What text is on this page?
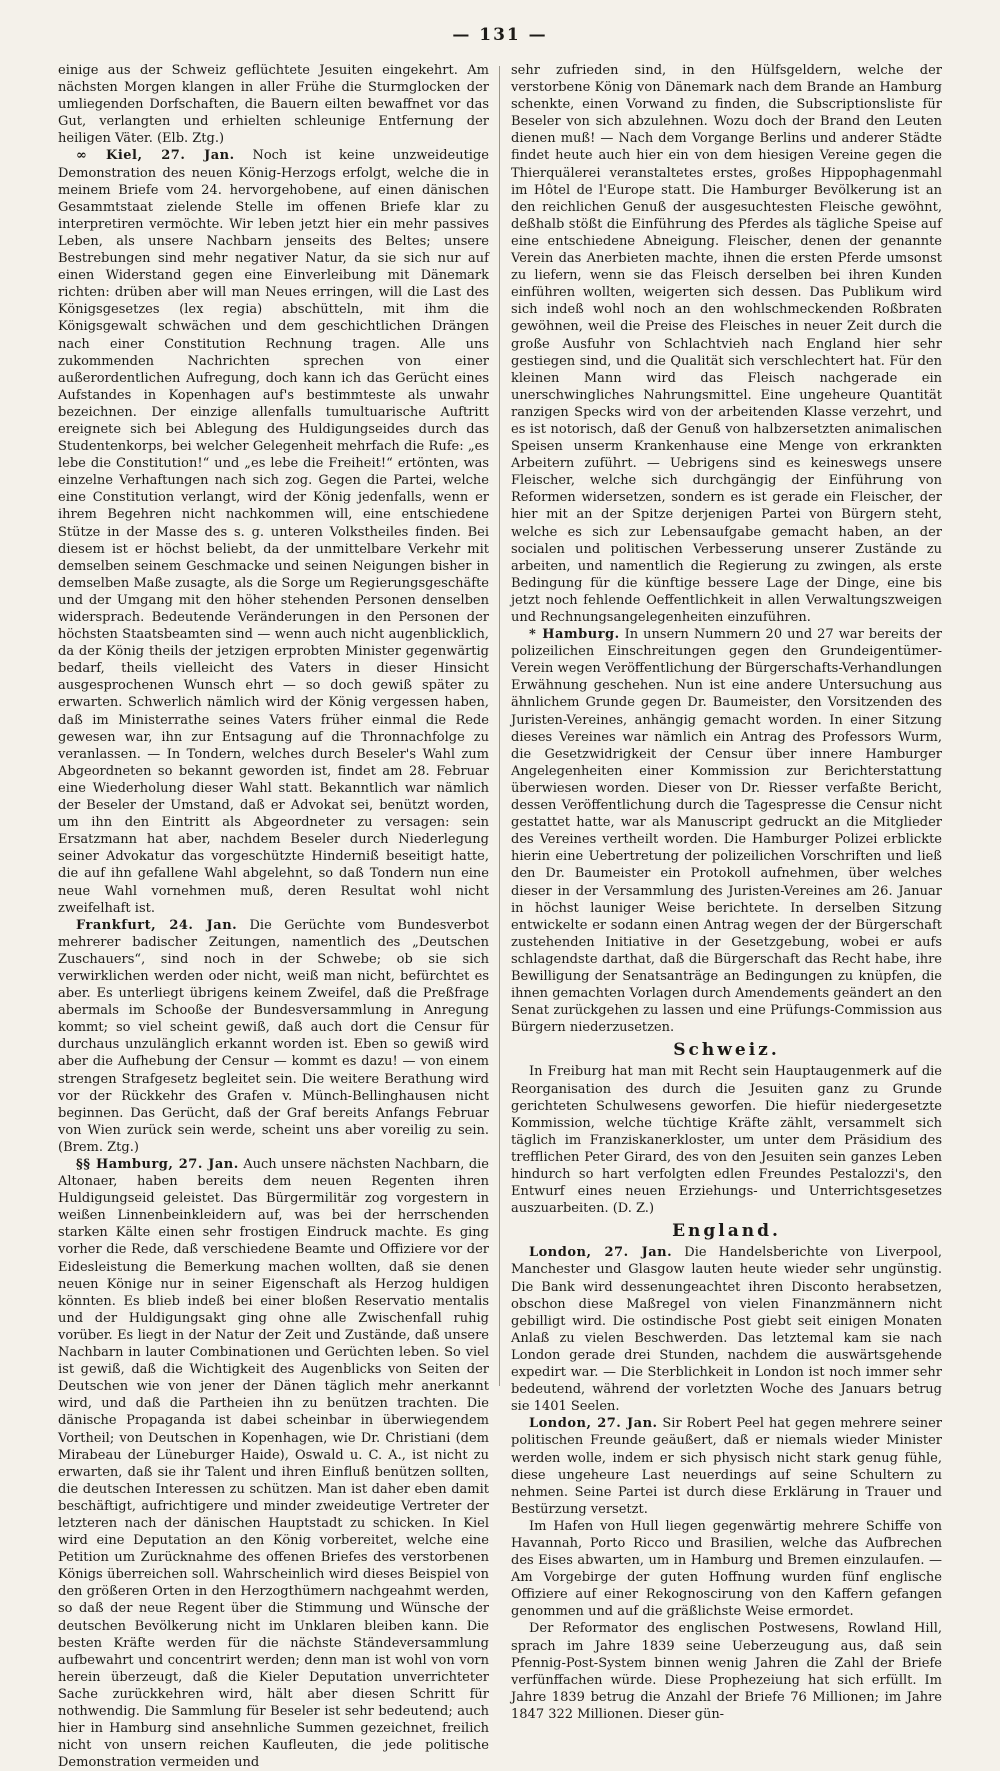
— 131 —

einige aus der Schweiz geflüchtete Jesuiten eingekehrt. Am nächsten Morgen klangen in aller Frühe die Sturmglocken der umliegenden Dorfschaften, die Bauern eilten bewaffnet vor das Gut, verlangten und erhielten schleunige Entfernung der heiligen Väter. (Elb. Ztg.)

∞ Kiel, 27. Jan. Noch ist keine unzweideutige Demonstration des neuen König-Herzogs erfolgt, welche die in meinem Briefe vom 24. hervorgehobene, auf einen dänischen Gesammtstaat zielende Stelle im offenen Briefe klar zu interpretiren vermöchte. Wir leben jetzt hier ein mehr passives Leben, als unsere Nachbarn jenseits des Beltes; unsere Bestrebungen sind mehr negativer Natur, da sie sich nur auf einen Widerstand gegen eine Einverleibung mit Dänemark richten: drüben aber will man Neues erringen, will die Last des Königsgesetzes (lex regia) abschütteln, mit ihm die Königsgewalt schwächen und dem geschichtlichen Drängen nach einer Constitution Rechnung tragen. Alle uns zukommenden Nachrichten sprechen von einer außerordentlichen Aufregung, doch kann ich das Gerücht eines Aufstandes in Kopenhagen auf's bestimmteste als unwahr bezeichnen. Der einzige allenfalls tumultuarische Auftritt ereignete sich bei Ablegung des Huldigungseides durch das Studentenkorps, bei welcher Gelegenheit mehrfach die Rufe: „es lebe die Constitution!“ und „es lebe die Freiheit!“ ertönten, was einzelne Verhaftungen nach sich zog. Gegen die Partei, welche eine Constitution verlangt, wird der König jedenfalls, wenn er ihrem Begehren nicht nachkommen will, eine entschiedene Stütze in der Masse des s. g. unteren Volkstheiles finden. Bei diesem ist er höchst beliebt, da der unmittelbare Verkehr mit demselben seinem Geschmacke und seinen Neigungen bisher in demselben Maße zusagte, als die Sorge um Regierungsgeschäfte und der Umgang mit den höher stehenden Personen denselben widersprach. Bedeutende Veränderungen in den Personen der höchsten Staatsbeamten sind — wenn auch nicht augenblicklich, da der König theils der jetzigen erprobten Minister gegenwärtig bedarf, theils vielleicht des Vaters in dieser Hinsicht ausgesprochenen Wunsch ehrt — so doch gewiß später zu erwarten. Schwerlich nämlich wird der König vergessen haben, daß im Ministerrathe seines Vaters früher einmal die Rede gewesen war, ihn zur Entsagung auf die Thronnachfolge zu veranlassen. — In Tondern, welches durch Beseler's Wahl zum Abgeordneten so bekannt geworden ist, findet am 28. Februar eine Wiederholung dieser Wahl statt. Bekanntlich war nämlich der Beseler der Umstand, daß er Advokat sei, benützt worden, um ihn den Eintritt als Abgeordneter zu versagen: sein Ersatzmann hat aber, nachdem Beseler durch Niederlegung seiner Advokatur das vorgeschützte Hinderniß beseitigt hatte, die auf ihn gefallene Wahl abgelehnt, so daß Tondern nun eine neue Wahl vornehmen muß, deren Resultat wohl nicht zweifelhaft ist.

Frankfurt, 24. Jan. Die Gerüchte vom Bundesverbot mehrerer badischer Zeitungen, namentlich des „Deutschen Zuschauers“, sind noch in der Schwebe; ob sie sich verwirklichen werden oder nicht, weiß man nicht, befürchtet es aber. Es unterliegt übrigens keinem Zweifel, daß die Preßfrage abermals im Schooße der Bundesversammlung in Anregung kommt; so viel scheint gewiß, daß auch dort die Censur für durchaus unzulänglich erkannt worden ist. Eben so gewiß wird aber die Aufhebung der Censur — kommt es dazu! — von einem strengen Strafgesetz begleitet sein. Die weitere Berathung wird vor der Rückkehr des Grafen v. Münch-Bellinghausen nicht beginnen. Das Gerücht, daß der Graf bereits Anfangs Februar von Wien zurück sein werde, scheint uns aber voreilig zu sein. (Brem. Ztg.)

§§ Hamburg, 27. Jan. Auch unsere nächsten Nachbarn, die Altonaer, haben bereits dem neuen Regenten ihren Huldigungseid geleistet. Das Bürgermilitär zog vorgestern in weißen Linnenbeinkleidern auf, was bei der herrschenden starken Kälte einen sehr frostigen Eindruck machte. Es ging vorher die Rede, daß verschiedene Beamte und Offiziere vor der Eidesleistung die Bemerkung machen wollten, daß sie denen neuen Könige nur in seiner Eigenschaft als Herzog huldigen könnten. Es blieb indeß bei einer bloßen Reservatio mentalis und der Huldigungsakt ging ohne alle Zwischenfall ruhig vorüber. Es liegt in der Natur der Zeit und Zustände, daß unsere Nachbarn in lauter Combinationen und Gerüchten leben. So viel ist gewiß, daß die Wichtigkeit des Augenblicks von Seiten der Deutschen wie von jener der Dänen täglich mehr anerkannt wird, und daß die Partheien ihn zu benützen trachten. Die dänische Propaganda ist dabei scheinbar in überwiegendem Vortheil; von Deutschen in Kopenhagen, wie Dr. Christiani (dem Mirabeau der Lüneburger Haide), Oswald u. C. A., ist nicht zu erwarten, daß sie ihr Talent und ihren Einfluß benützen sollten, die deutschen Interessen zu schützen. Man ist daher eben damit beschäftigt, aufrichtigere und minder zweideutige Vertreter der letzteren nach der dänischen Hauptstadt zu schicken. In Kiel wird eine Deputation an den König vorbereitet, welche eine Petition um Zurücknahme des offenen Briefes des verstorbenen Königs überreichen soll. Wahrscheinlich wird dieses Beispiel von den größeren Orten in den Herzogthümern nachgeahmt werden, so daß der neue Regent über die Stimmung und Wünsche der deutschen Bevölkerung nicht im Unklaren bleiben kann. Die besten Kräfte werden für die nächste Ständeversammlung aufbewahrt und concentrirt werden; denn man ist wohl von vorn herein überzeugt, daß die Kieler Deputation unverrichteter Sache zurückkehren wird, hält aber diesen Schritt für nothwendig. Die Sammlung für Beseler ist sehr bedeutend; auch hier in Hamburg sind ansehnliche Summen gezeichnet, freilich nicht von unsern reichen Kaufleuten, die jede politische Demonstration vermeiden und

sehr zufrieden sind, in den Hülfsgeldern, welche der verstorbene König von Dänemark nach dem Brande an Hamburg schenkte, einen Vorwand zu finden, die Subscriptionsliste für Beseler von sich abzulehnen. Wozu doch der Brand den Leuten dienen muß! — Nach dem Vorgange Berlins und anderer Städte findet heute auch hier ein von dem hiesigen Vereine gegen die Thierquälerei veranstaltetes erstes, großes Hippophagenmahl im Hôtel de l'Europe statt. Die Hamburger Bevölkerung ist an den reichlichen Genuß der ausgesuchtesten Fleische gewöhnt, deßhalb stößt die Einführung des Pferdes als tägliche Speise auf eine entschiedene Abneigung. Fleischer, denen der genannte Verein das Anerbieten machte, ihnen die ersten Pferde umsonst zu liefern, wenn sie das Fleisch derselben bei ihren Kunden einführen wollten, weigerten sich dessen. Das Publikum wird sich indeß wohl noch an den wohlschmeckenden Roßbraten gewöhnen, weil die Preise des Fleisches in neuer Zeit durch die große Ausfuhr von Schlachtvieh nach England hier sehr gestiegen sind, und die Qualität sich verschlechtert hat. Für den kleinen Mann wird das Fleisch nachgerade ein unerschwingliches Nahrungsmittel. Eine ungeheure Quantität ranzigen Specks wird von der arbeitenden Klasse verzehrt, und es ist notorisch, daß der Genuß von halbzersetzten animalischen Speisen unserm Krankenhause eine Menge von erkrankten Arbeitern zuführt. — Uebrigens sind es keineswegs unsere Fleischer, welche sich durchgängig der Einführung von Reformen widersetzen, sondern es ist gerade ein Fleischer, der hier mit an der Spitze derjenigen Partei von Bürgern steht, welche es sich zur Lebensaufgabe gemacht haben, an der socialen und politischen Verbesserung unserer Zustände zu arbeiten, und namentlich die Regierung zu zwingen, als erste Bedingung für die künftige bessere Lage der Dinge, eine bis jetzt noch fehlende Oeffentlichkeit in allen Verwaltungszweigen und Rechnungsangelegenheiten einzuführen.

* Hamburg. In unsern Nummern 20 und 27 war bereits der polizeilichen Einschreitungen gegen den Grundeigentümer-Verein wegen Veröffentlichung der Bürgerschafts-Verhandlungen Erwähnung geschehen. Nun ist eine andere Untersuchung aus ähnlichem Grunde gegen Dr. Baumeister, den Vorsitzenden des Juristen-Vereines, anhängig gemacht worden. In einer Sitzung dieses Vereines war nämlich ein Antrag des Professors Wurm, die Gesetzwidrigkeit der Censur über innere Hamburger Angelegenheiten einer Kommission zur Berichterstattung überwiesen worden. Dieser von Dr. Riesser verfaßte Bericht, dessen Veröffentlichung durch die Tagespresse die Censur nicht gestattet hatte, war als Manuscript gedruckt an die Mitglieder des Vereines vertheilt worden. Die Hamburger Polizei erblickte hierin eine Uebertretung der polizeilichen Vorschriften und ließ den Dr. Baumeister ein Protokoll aufnehmen, über welches dieser in der Versammlung des Juristen-Vereines am 26. Januar in höchst launiger Weise berichtete. In derselben Sitzung entwickelte er sodann einen Antrag wegen der der Bürgerschaft zustehenden Initiative in der Gesetzgebung, wobei er aufs schlagendste darthat, daß die Bürgerschaft das Recht habe, ihre Bewilligung der Senatsanträge an Bedingungen zu knüpfen, die ihnen gemachten Vorlagen durch Amendements geändert an den Senat zurückgehen zu lassen und eine Prüfungs-Commission aus Bürgern niederzusetzen.

Schweiz.

In Freiburg hat man mit Recht sein Hauptaugenmerk auf die Reorganisation des durch die Jesuiten ganz zu Grunde gerichteten Schulwesens geworfen. Die hiefür niedergesetzte Kommission, welche tüchtige Kräfte zählt, versammelt sich täglich im Franziskanerkloster, um unter dem Präsidium des trefflichen Peter Girard, des von den Jesuiten sein ganzes Leben hindurch so hart verfolgten edlen Freundes Pestalozzi's, den Entwurf eines neuen Erziehungs- und Unterrichtsgesetzes auszuarbeiten. (D. Z.)

England.

London, 27. Jan. Die Handelsberichte von Liverpool, Manchester und Glasgow lauten heute wieder sehr ungünstig. Die Bank wird dessenungeachtet ihren Disconto herabsetzen, obschon diese Maßregel von vielen Finanzmännern nicht gebilligt wird. Die ostindische Post giebt seit einigen Monaten Anlaß zu vielen Beschwerden. Das letztemal kam sie nach London gerade drei Stunden, nachdem die auswärtsgehende expedirt war. — Die Sterblichkeit in London ist noch immer sehr bedeutend, während der vorletzten Woche des Januars betrug sie 1401 Seelen.

London, 27. Jan. Sir Robert Peel hat gegen mehrere seiner politischen Freunde geäußert, daß er niemals wieder Minister werden wolle, indem er sich physisch nicht stark genug fühle, diese ungeheure Last neuerdings auf seine Schultern zu nehmen. Seine Partei ist durch diese Erklärung in Trauer und Bestürzung versetzt.

Im Hafen von Hull liegen gegenwärtig mehrere Schiffe von Havannah, Porto Ricco und Brasilien, welche das Aufbrechen des Eises abwarten, um in Hamburg und Bremen einzulaufen. — Am Vorgebirge der guten Hoffnung wurden fünf englische Offiziere auf einer Rekognoscirung von den Kaffern gefangen genommen und auf die gräßlichste Weise ermordet.

Der Reformator des englischen Postwesens, Rowland Hill, sprach im Jahre 1839 seine Ueberzeugung aus, daß sein Pfennig-Post-System binnen wenig Jahren die Zahl der Briefe verfünffachen würde. Diese Prophezeiung hat sich erfüllt. Im Jahre 1839 betrug die Anzahl der Briefe 76 Millionen; im Jahre 1847 322 Millionen. Dieser gün-
